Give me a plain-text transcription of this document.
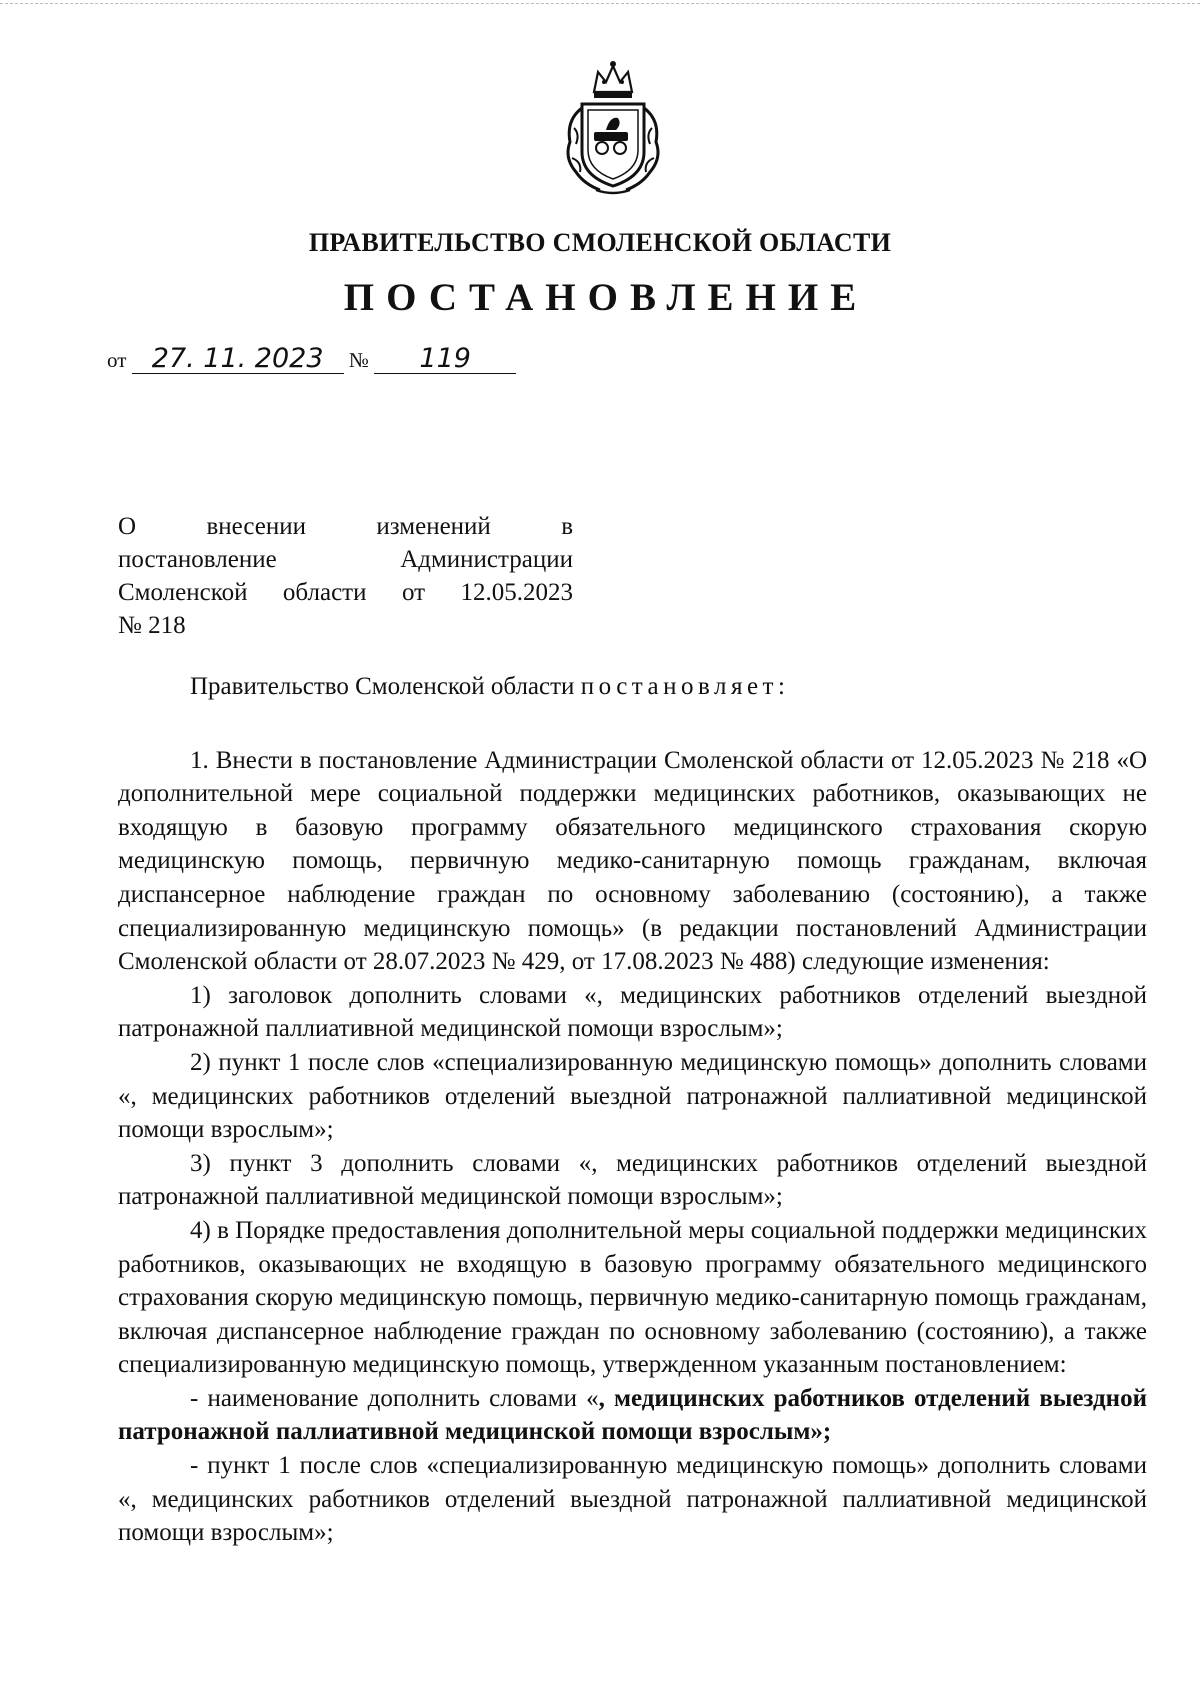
ПРАВИТЕЛЬСТВО СМОЛЕНСКОЙ ОБЛАСТИ
ПОСТАНОВЛЕНИЕ
от 27. 11. 2023 № 119
О внесении изменений в
постановление Администрации
Смоленской области от 12.05.2023
№ 218

Правительство Смоленской области постановляет:

1. Внести в постановление Администрации Смоленской области от 12.05.2023 № 218 «О дополнительной мере социальной поддержки медицинских работников, оказывающих не входящую в базовую программу обязательного медицинского страхования скорую медицинскую помощь, первичную медико-санитарную помощь гражданам, включая диспансерное наблюдение граждан по основному заболеванию (состоянию), а также специализированную медицинскую помощь» (в редакции постановлений Администрации Смоленской области от 28.07.2023 № 429, от 17.08.2023 № 488) следующие изменения:

1) заголовок дополнить словами «, медицинских работников отделений выездной патронажной паллиативной медицинской помощи взрослым»;

2) пункт 1 после слов «специализированную медицинскую помощь» дополнить словами «, медицинских работников отделений выездной патронажной паллиативной медицинской помощи взрослым»;

3) пункт 3 дополнить словами «, медицинских работников отделений выездной патронажной паллиативной медицинской помощи взрослым»;

4) в Порядке предоставления дополнительной меры социальной поддержки медицинских работников, оказывающих не входящую в базовую программу обязательного медицинского страхования скорую медицинскую помощь, первичную медико-санитарную помощь гражданам, включая диспансерное наблюдение граждан по основному заболеванию (состоянию), а также специализированную медицинскую помощь, утвержденном указанным постановлением:

- наименование дополнить словами «, медицинских работников отделений выездной патронажной паллиативной медицинской помощи взрослым»;

- пункт 1 после слов «специализированную медицинскую помощь» дополнить словами «, медицинских работников отделений выездной патронажной паллиативной медицинской помощи взрослым»;
